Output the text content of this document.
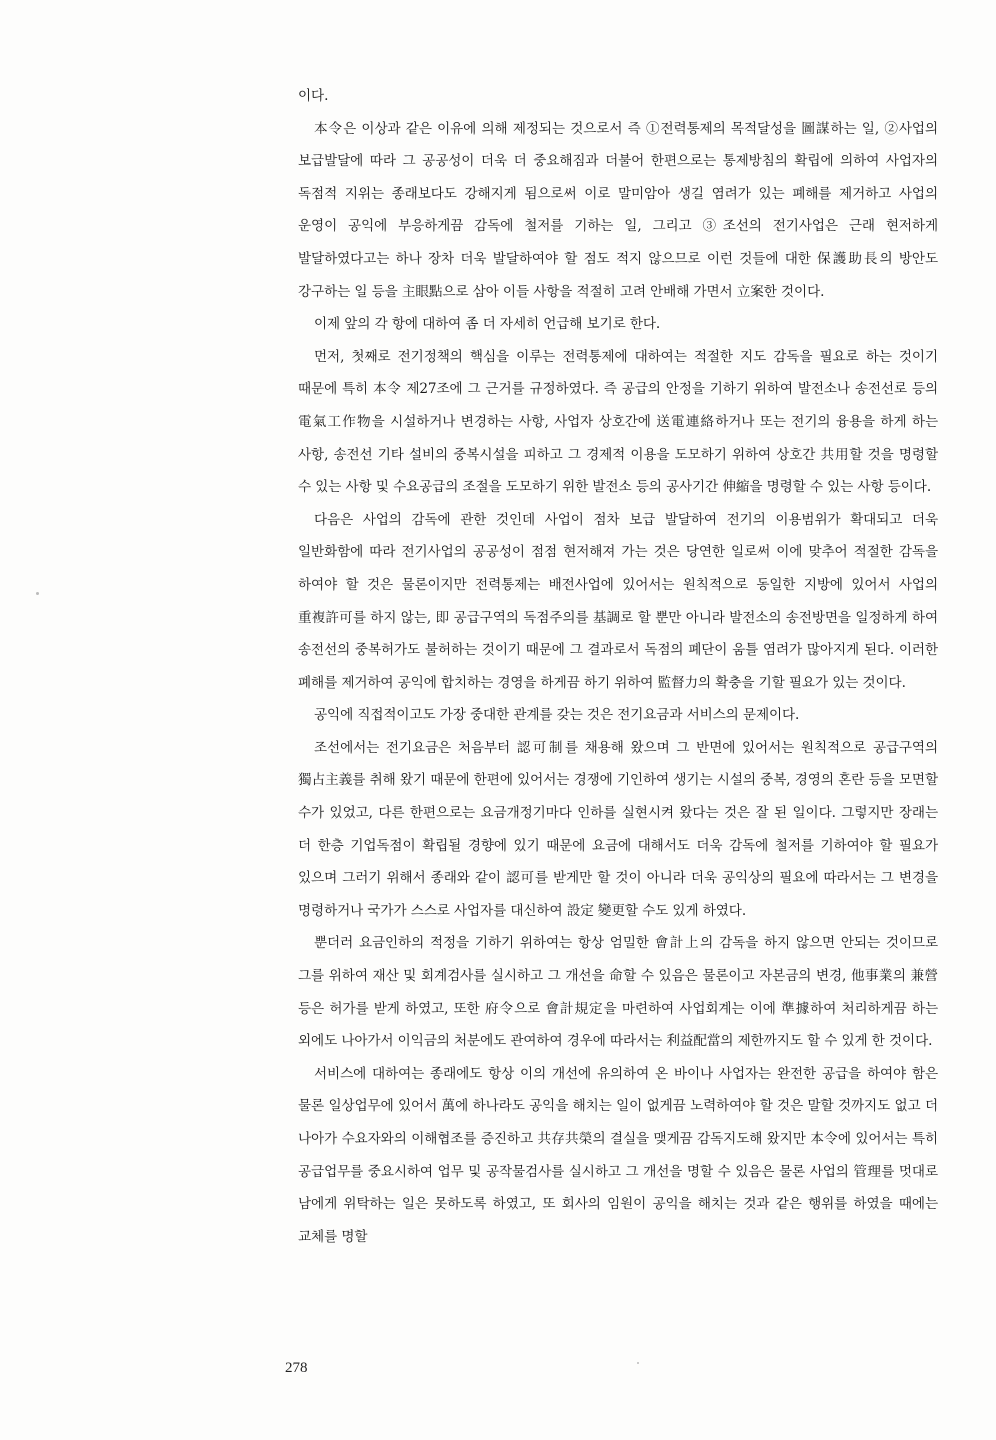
이다.

本令은 이상과 같은 이유에 의해 제정되는 것으로서 즉 ①전력통제의 목적달성을 圖謀하는 일, ②사업의 보급발달에 따라 그 공공성이 더욱 더 중요해짐과 더불어 한편으로는 통제방침의 확립에 의하여 사업자의 독점적 지위는 종래보다도 강해지게 됨으로써 이로 말미암아 생길 염려가 있는 폐해를 제거하고 사업의 운영이 공익에 부응하게끔 감독에 철저를 기하는 일, 그리고 ③조선의 전기사업은 근래 현저하게 발달하였다고는 하나 장차 더욱 발달하여야 할 점도 적지 않으므로 이런 것들에 대한 保護助長의 방안도 강구하는 일 등을 主眼點으로 삼아 이들 사항을 적절히 고려 안배해 가면서 立案한 것이다.

이제 앞의 각 항에 대하여 좀 더 자세히 언급해 보기로 한다.

먼저, 첫째로 전기정책의 핵심을 이루는 전력통제에 대하여는 적절한 지도 감독을 필요로 하는 것이기 때문에 특히 本令 제27조에 그 근거를 규정하였다. 즉 공급의 안정을 기하기 위하여 발전소나 송전선로 등의 電氣工作物을 시설하거나 변경하는 사항, 사업자 상호간에 送電連絡하거나 또는 전기의 융용을 하게 하는 사항, 송전선 기타 설비의 중복시설을 피하고 그 경제적 이용을 도모하기 위하여 상호간 共用할 것을 명령할 수 있는 사항 및 수요공급의 조절을 도모하기 위한 발전소 등의 공사기간 伸縮을 명령할 수 있는 사항 등이다.

다음은 사업의 감독에 관한 것인데 사업이 점차 보급 발달하여 전기의 이용범위가 확대되고 더욱 일반화함에 따라 전기사업의 공공성이 점점 현저해져 가는 것은 당연한 일로써 이에 맞추어 적절한 감독을 하여야 할 것은 물론이지만 전력통제는 배전사업에 있어서는 원칙적으로 동일한 지방에 있어서 사업의 重複許可를 하지 않는, 即 공급구역의 독점주의를 基調로 할 뿐만 아니라 발전소의 송전방면을 일정하게 하여 송전선의 중복허가도 불허하는 것이기 때문에 그 결과로서 독점의 폐단이 움틀 염려가 많아지게 된다. 이러한 폐해를 제거하여 공익에 합치하는 경영을 하게끔 하기 위하여 監督力의 확충을 기할 필요가 있는 것이다.

공익에 직접적이고도 가장 중대한 관계를 갖는 것은 전기요금과 서비스의 문제이다.

조선에서는 전기요금은 처음부터 認可制를 채용해 왔으며 그 반면에 있어서는 원칙적으로 공급구역의 獨占主義를 취해 왔기 때문에 한편에 있어서는 경쟁에 기인하여 생기는 시설의 중복, 경영의 혼란 등을 모면할 수가 있었고, 다른 한편으로는 요금개정기마다 인하를 실현시켜 왔다는 것은 잘 된 일이다. 그렇지만 장래는 더 한층 기업독점이 확립될 경향에 있기 때문에 요금에 대해서도 더욱 감독에 철저를 기하여야 할 필요가 있으며 그러기 위해서 종래와 같이 認可를 받게만 할 것이 아니라 더욱 공익상의 필요에 따라서는 그 변경을 명령하거나 국가가 스스로 사업자를 대신하여 設定 變更할 수도 있게 하였다.

뿐더러 요금인하의 적정을 기하기 위하여는 항상 엄밀한 會計上의 감독을 하지 않으면 안되는 것이므로 그를 위하여 재산 및 회계검사를 실시하고 그 개선을 命할 수 있음은 물론이고 자본금의 변경, 他事業의 兼營 등은 허가를 받게 하였고, 또한 府令으로 會計規定을 마련하여 사업회계는 이에 準據하여 처리하게끔 하는 외에도 나아가서 이익금의 처분에도 관여하여 경우에 따라서는 利益配當의 제한까지도 할 수 있게 한 것이다.

서비스에 대하여는 종래에도 항상 이의 개선에 유의하여 온 바이나 사업자는 완전한 공급을 하여야 함은 물론 일상업무에 있어서 萬에 하나라도 공익을 해치는 일이 없게끔 노력하여야 할 것은 말할 것까지도 없고 더 나아가 수요자와의 이해협조를 증진하고 共存共榮의 결실을 맺게끔 감독지도해 왔지만 本令에 있어서는 특히 공급업무를 중요시하여 업무 및 공작물검사를 실시하고 그 개선을 명할 수 있음은 물론 사업의 管理를 멋대로 남에게 위탁하는 일은 못하도록 하였고, 또 회사의 임원이 공익을 해치는 것과 같은 행위를 하였을 때에는 교체를 명할

278
